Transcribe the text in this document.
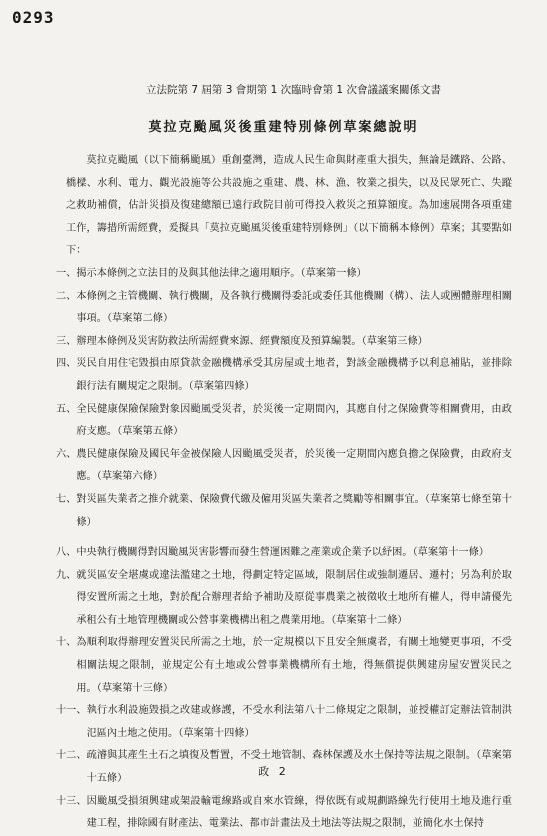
0293
立法院第 7 屆第 3 會期第 1 次臨時會第 1 次會議議案關係文書
莫拉克颱風災後重建特別條例草案總說明

莫拉克颱風（以下簡稱颱風）重創臺灣，造成人民生命與財產重大損失，無論是鐵路、公路、橋樑、水利、電力、觀光設施等公共設施之重建、農、林、漁、牧業之損失，以及民眾死亡、失蹤之救助補償，估計災損及復建總額已遠行政院目前可得投入救災之預算額度。為加速展開各項重建工作，籌措所需經費，爰擬具「莫拉克颱風災後重建特別條例」（以下簡稱本條例）草案；其要點如下：

一、 揭示本條例之立法目的及與其他法律之適用順序。（草案第一條）
二、 本條例之主管機關、執行機關，及各執行機關得委託或委任其他機關（構）、法人或團體辦理相關事項。（草案第二條）
三、 辦理本條例及災害防救法所需經費來源、經費額度及預算編製。（草案第三條）
四、 災民自用住宅毀損由原貸款金融機構承受其房屋或土地者，對該金融機構予以利息補貼，並排除銀行法有關規定之限制。（草案第四條）
五、 全民健康保險保險對象因颱風受災者，於災後一定期間內，其應自付之保險費等相關費用，由政府支應。（草案第五條）
六、 農民健康保險及國民年金被保險人因颱風受災者，於災後一定期間內應負擔之保險費，由政府支應。（草案第六條）
七、 對災區失業者之推介就業、保險費代繳及僱用災區失業者之獎勵等相關事宜。（草案第七條至第十條）
八、 中央執行機關得對因颱風災害影響而發生營運困難之產業或企業予以紓困。（草案第十一條）
九、 就災區安全堪虞或違法濫建之土地，得劃定特定區域，限制居住或強制遷居、遷村；另為利於取得安置所需之土地，對於配合辦理者給予補助及原從事農業之被徵收土地所有權人，得申請優先承租公有土地管理機關或公營事業機構出租之農業用地。（草案第十二條）
十、 為順利取得辦理安置災民所需之土地，於一定規模以下且安全無虞者，有關土地變更事項，不受相關法規之限制，並規定公有土地或公營事業機構所有土地，得無償提供興建房屋安置災民之用。（草案第十三條）
十一、 執行水利設施毀損之改建或修護，不受水利法第八十二條規定之限制，並授權訂定辦法管制洪氾區內土地之使用。（草案第十四條）
十二、 疏濬與其產生土石之填復及暫置，不受土地管制、森林保護及水土保持等法規之限制。（草案第十五條）
十三、 因颱風受損須興建或架設輸電線路或自來水管線，得依既有或規劃路線先行使用土地及進行重建工程，排除國有財產法、電業法、都市計畫法及土地法等法規之限制，並簡化水土保持
政 2
